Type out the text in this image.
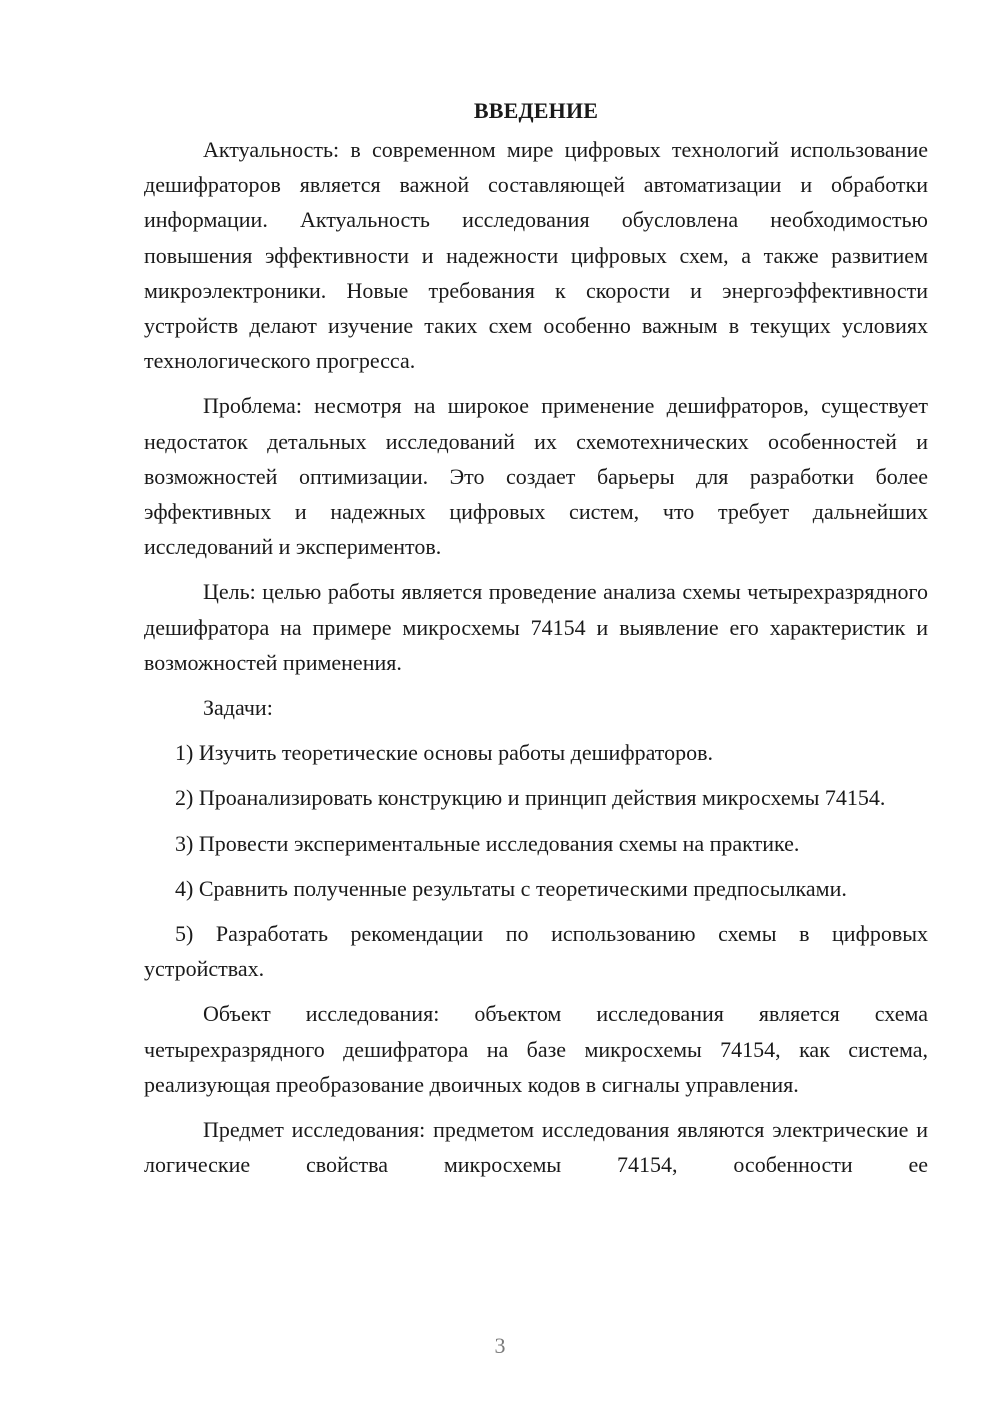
ВВЕДЕНИЕ

Актуальность: в современном мире цифровых технологий использование дешифраторов является важной составляющей автоматизации и обработки информации. Актуальность исследования обусловлена необходимостью повышения эффективности и надежности цифровых схем, а также развитием микроэлектроники. Новые требования к скорости и энергоэффективности устройств делают изучение таких схем особенно важным в текущих условиях технологического прогресса.

Проблема: несмотря на широкое применение дешифраторов, существует недостаток детальных исследований их схемотехнических особенностей и возможностей оптимизации. Это создает барьеры для разработки более эффективных и надежных цифровых систем, что требует дальнейших исследований и экспериментов.

Цель: целью работы является проведение анализа схемы четырехразрядного дешифратора на примере микросхемы 74154 и выявление его характеристик и возможностей применения.

Задачи:

1) Изучить теоретические основы работы дешифраторов.

2) Проанализировать конструкцию и принцип действия микросхемы 74154.

3) Провести экспериментальные исследования схемы на практике.

4) Сравнить полученные результаты с теоретическими предпосылками.

5) Разработать рекомендации по использованию схемы в цифровых устройствах.

Объект исследования: объектом исследования является схема четырехразрядного дешифратора на базе микросхемы 74154, как система, реализующая преобразование двоичных кодов в сигналы управления.

Предмет исследования: предметом исследования являются электрические и логические свойства микросхемы 74154, особенности ее

3
